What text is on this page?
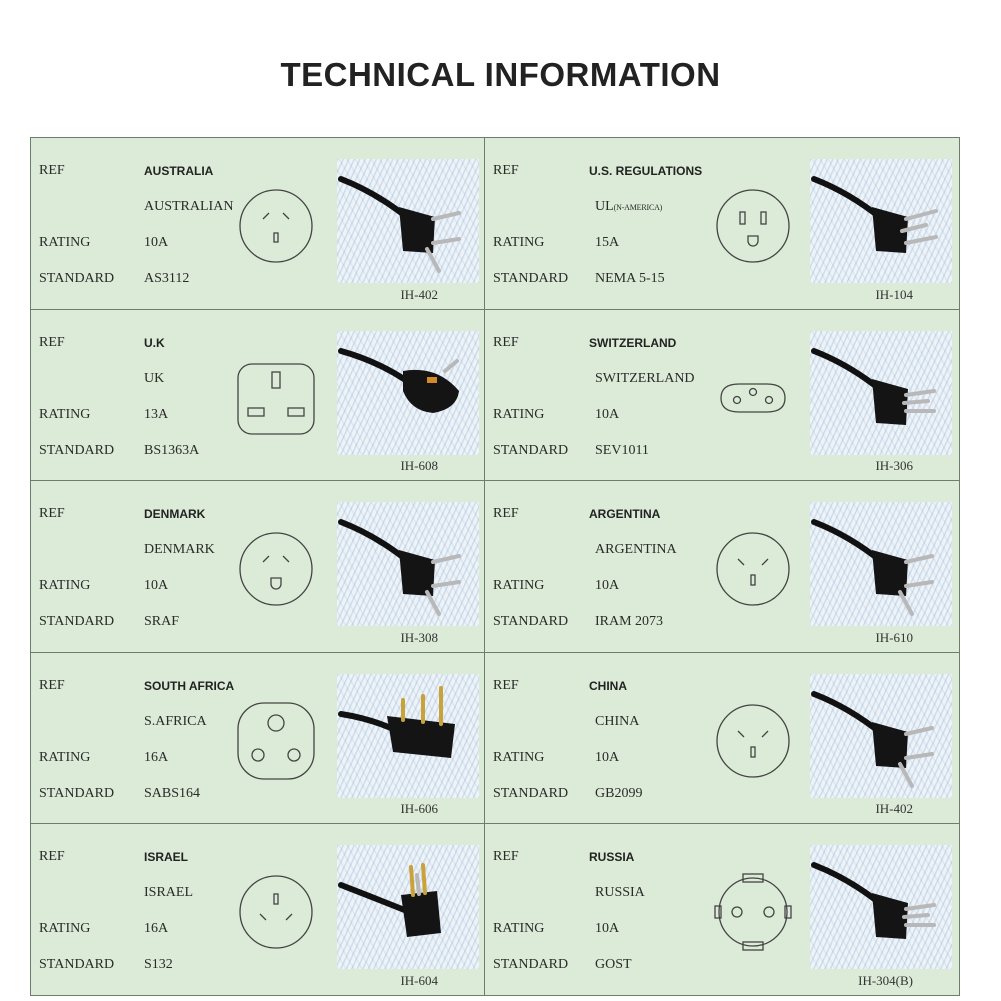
TECHNICAL INFORMATION
REF	AUSTRALIA
AUSTRALIAN
RATING	10A
STANDARD AS3112
IH-402
REF	U.S. REGULATIONS
UL(N-AMERICA)
RATING	15A
STANDARD NEMA 5-15
IH-104
REF	U.K
UK
RATING	13A
STANDARD BS1363A
IH-608
REF	SWITZERLAND
SWITZERLAND
RATING	10A
STANDARD SEV1011
IH-306
REF	DENMARK
DENMARK
RATING	10A
STANDARD SRAF
IH-308
REF	ARGENTINA
ARGENTINA
RATING	10A
STANDARD IRAM 2073
IH-610
REF	SOUTH AFRICA
S.AFRICA
RATING	16A
STANDARD SABS164
IH-606
REF	CHINA
CHINA
RATING	10A
STANDARD GB2099
IH-402
REF	ISRAEL
ISRAEL
RATING	16A
STANDARD S132
IH-604
REF	RUSSIA
RUSSIA
RATING	10A
STANDARD GOST
IH-304(B)
